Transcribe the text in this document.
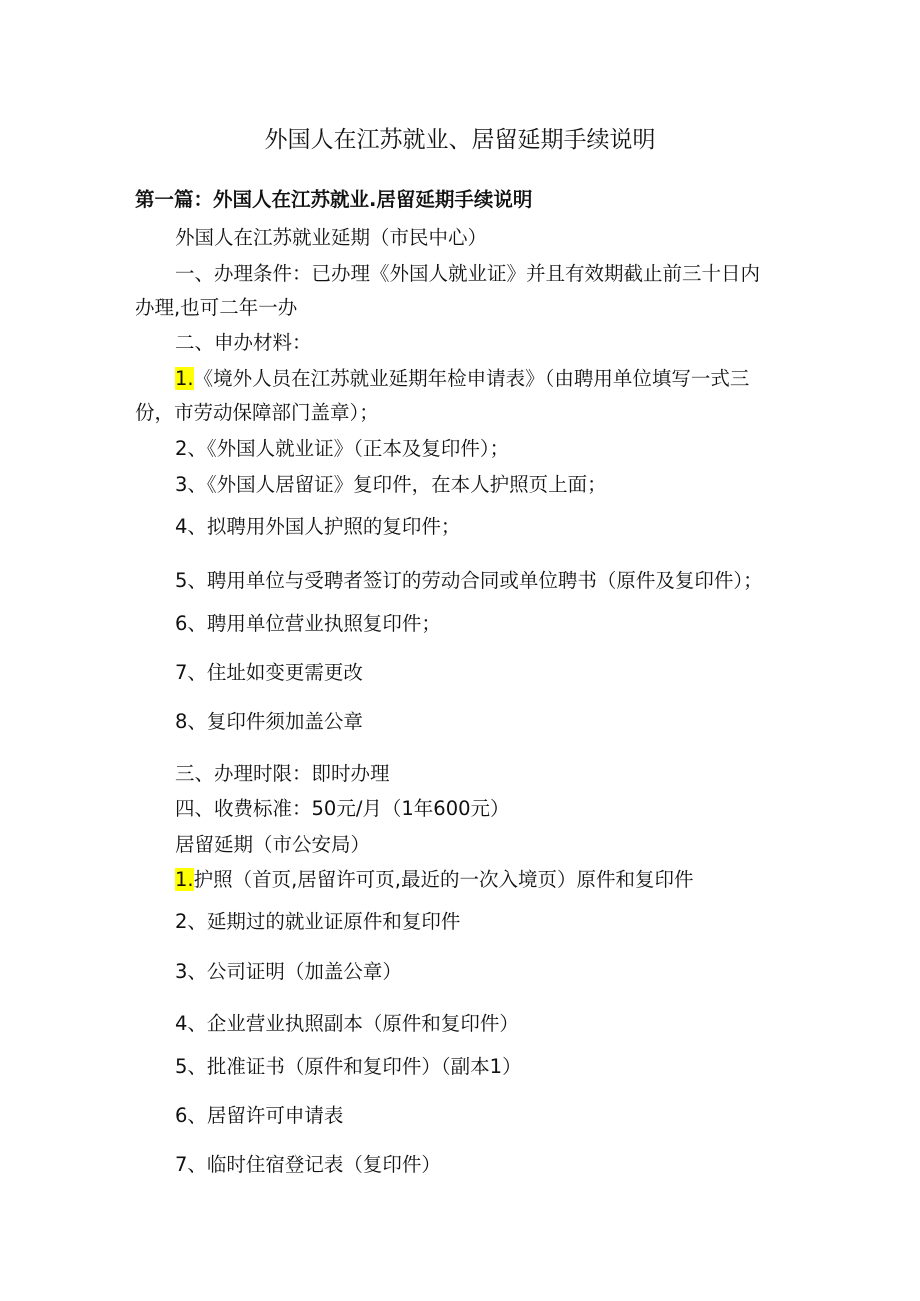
外国人在江苏就业、居留延期手续说明
第一篇：外国人在江苏就业.居留延期手续说明
外国人在江苏就业延期（市民中心）
一、办理条件：已办理《外国人就业证》并且有效期截止前三十日内
办理,也可二年一办
二、申办材料：
1.《境外人员在江苏就业延期年检申请表》（由聘用单位填写一式三
份，市劳动保障部门盖章）；
2、《外国人就业证》（正本及复印件）；
3、《外国人居留证》复印件，在本人护照页上面；
4、拟聘用外国人护照的复印件；
5、聘用单位与受聘者签订的劳动合同或单位聘书（原件及复印件）；
6、聘用单位营业执照复印件；
7、住址如变更需更改
8、复印件须加盖公章
三、办理时限：即时办理
四、收费标准：50元/月（1年600元）
居留延期（市公安局）
1.护照（首页,居留许可页,最近的一次入境页）原件和复印件
2、延期过的就业证原件和复印件
3、公司证明（加盖公章）
4、企业营业执照副本（原件和复印件）
5、批准证书（原件和复印件）（副本1）
6、居留许可申请表
7、临时住宿登记表（复印件）
